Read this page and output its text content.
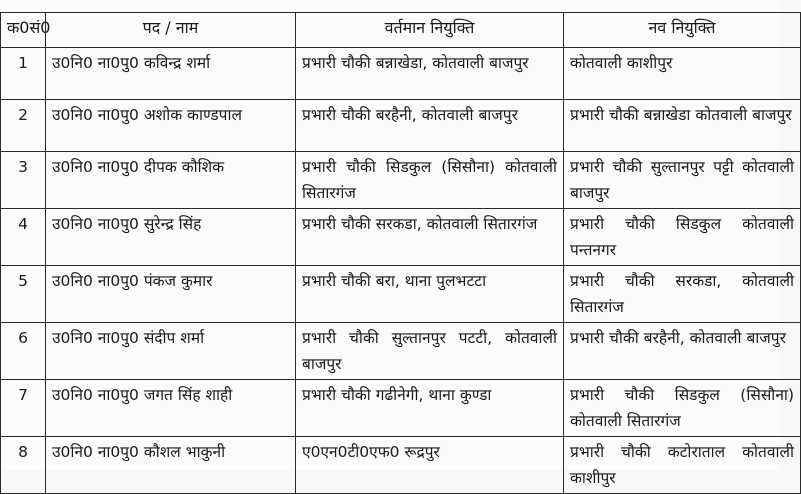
क0सं0	पद / नाम	वर्तमान नियुक्ति	नव नियुक्ति
1	उ0नि0 ना0पु0 कविन्द्र शर्मा	प्रभारी चौकी बन्नाखेडा, कोतवाली बाजपुर	कोतवाली काशीपुर
2	उ0नि0 ना0पु0 अशोक काण्डपाल	प्रभारी चौकी बरहैनी, कोतवाली बाजपुर	प्रभारी चौकी बन्नाखेडा कोतवाली बाजपुर
3	उ0नि0 ना0पु0 दीपक कौशिक	प्रभारी चौकी सिडकुल (सिसौना) कोतवाली सितारगंज	प्रभारी चौकी सुल्तानपुर पट्टी कोतवाली बाजपुर
4	उ0नि0 ना0पु0 सुरेन्द्र सिंह	प्रभारी चौकी सरकडा, कोतवाली सितारगंज	प्रभारी चौकी सिडकुल कोतवाली पन्तनगर
5	उ0नि0 ना0पु0 पंकज कुमार	प्रभारी चौकी बरा, थाना पुलभटटा	प्रभारी चौकी सरकडा, कोतवाली सितारगंज
6	उ0नि0 ना0पु0 संदीप शर्मा	प्रभारी चौकी सुल्तानपुर पटटी, कोतवाली बाजपुर	प्रभारी चौकी बरहैनी, कोतवाली बाजपुर
7	उ0नि0 ना0पु0 जगत सिंह शाही	प्रभारी चौकी गढीनेगी, थाना कुण्डा	प्रभारी चौकी सिडकुल (सिसौना) कोतवाली सितारगंज
8	उ0नि0 ना0पु0 कौशल भाकुनी	ए0एन0टी0एफ0 रूद्रपुर	प्रभारी चौकी कटोराताल कोतवाली काशीपुर
